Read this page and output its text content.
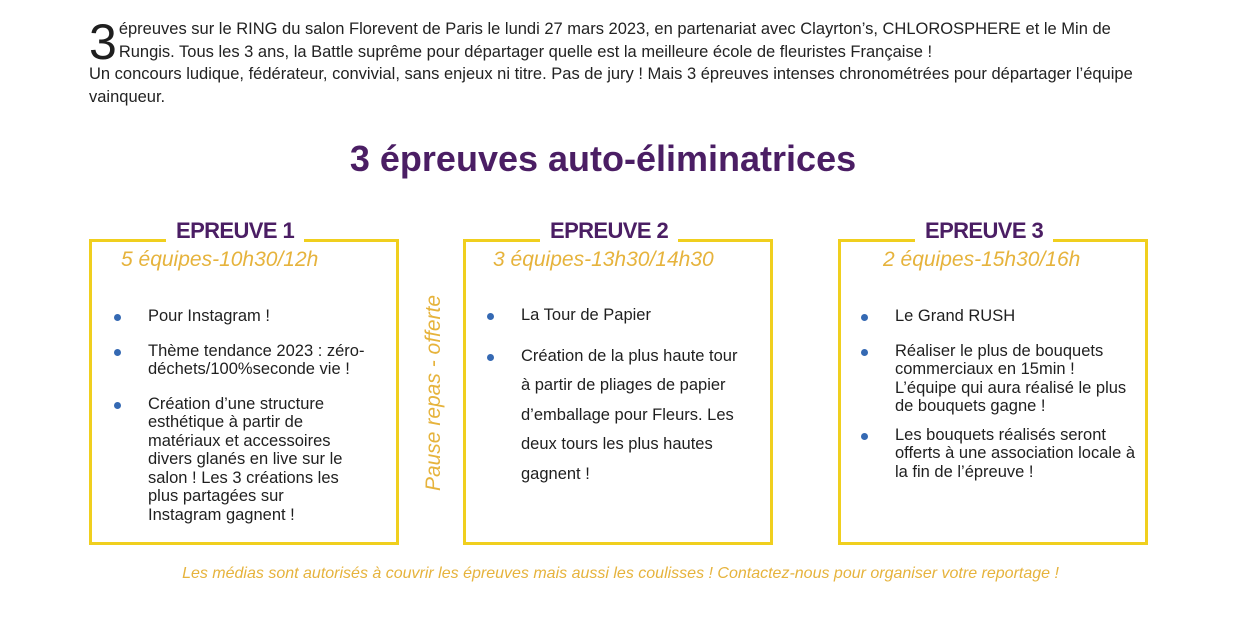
3 épreuves sur le RING du salon Florevent de Paris le lundi 27 mars 2023, en partenariat avec Clayrton’s, CHLOROSPHERE et le Min de Rungis. Tous les 3 ans, la Battle suprême pour départager quelle est la meilleure école de fleuristes Française !

Un concours ludique, fédérateur, convivial, sans enjeux ni titre. Pas de jury ! Mais 3 épreuves intenses chronométrées pour départager l’équipe vainqueur.

3 épreuves auto-éliminatrices
EPREUVE 1
5 équipes-10h30/12h
Pour Instagram !
Thème tendance 2023 : zéro-déchets/100%seconde vie !
Création d’une structure esthétique à partir de matériaux et accessoires divers glanés en live sur le salon ! Les 3 créations les plus partagées sur Instagram gagnent !
Pause repas - offerte
EPREUVE 2
3 équipes-13h30/14h30
La Tour de Papier
Création de la plus haute tour à partir de pliages de papier d’emballage pour Fleurs. Les deux tours les plus hautes gagnent !
EPREUVE 3
2 équipes-15h30/16h
Le Grand RUSH
Réaliser le plus de bouquets commerciaux en 15min ! L’équipe qui aura réalisé le plus de bouquets gagne !
Les bouquets réalisés seront offerts à une association locale à la fin de l’épreuve !
Les médias sont autorisés à couvrir les épreuves mais aussi les coulisses ! Contactez-nous pour organiser votre reportage !
